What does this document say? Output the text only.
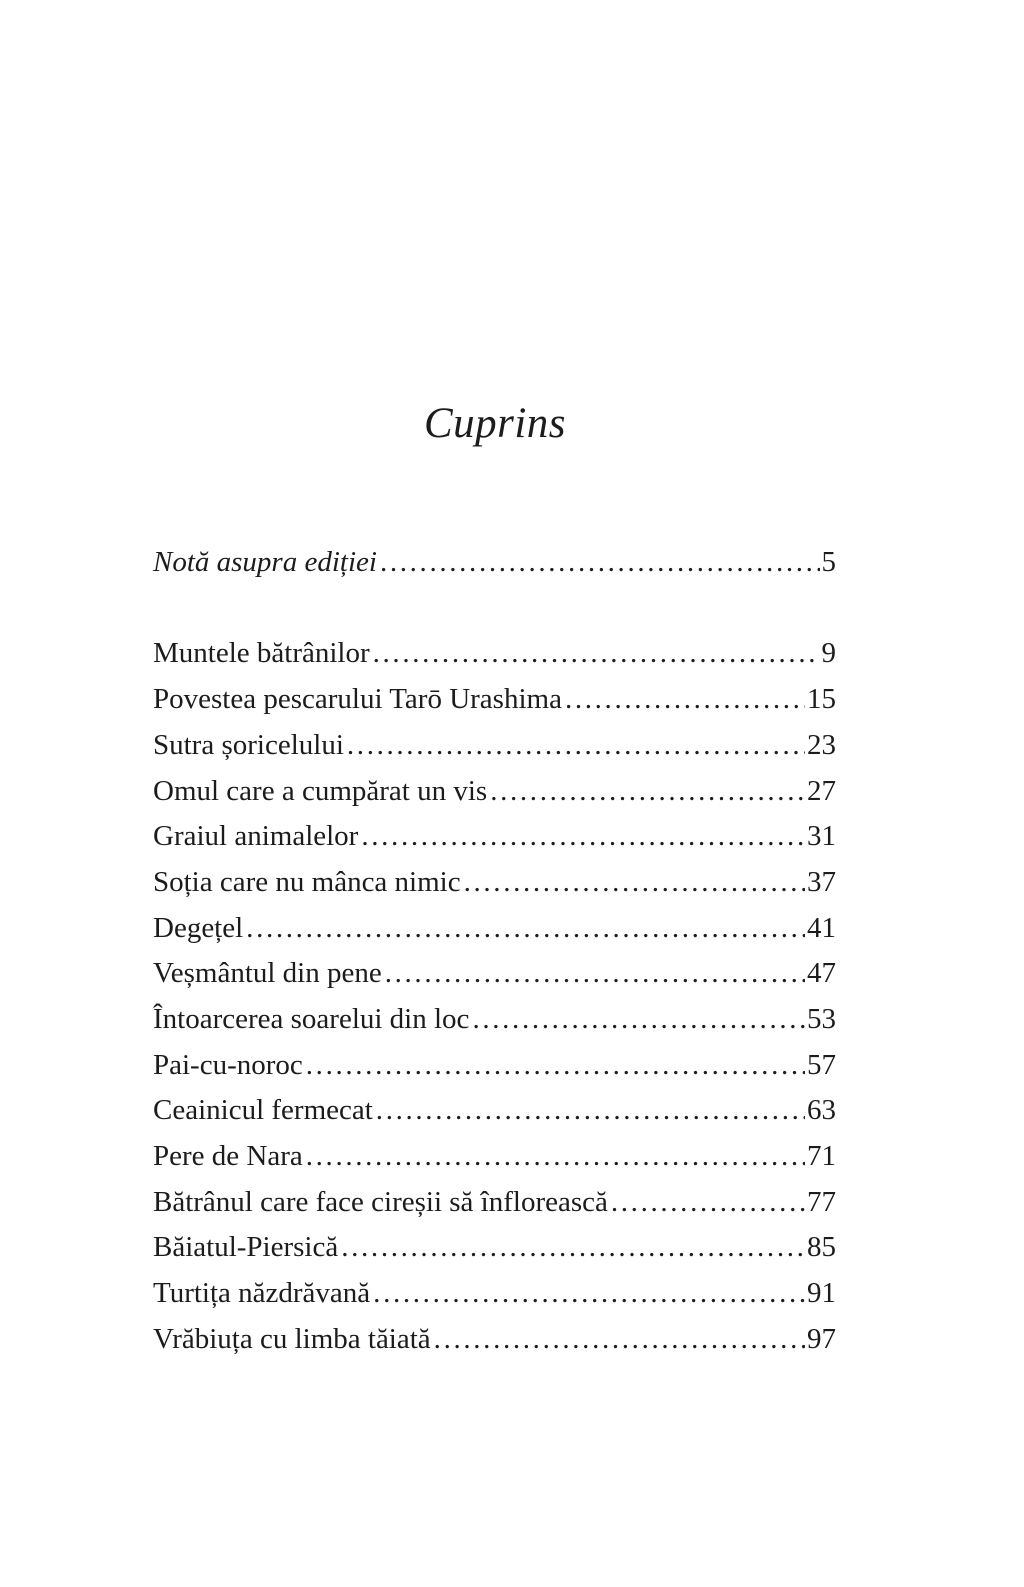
Cuprins
Notă asupra ediției . . .	5
Muntele bătrânilor . . .	9
Povestea pescarului Tarō Urashima . . .	15
Sutra șoricelului . . .	23
Omul care a cumpărat un vis . . .	27
Graiul animalelor . . .	31
Soția care nu mânca nimic . . .	37
Degețel . . .	41
Veșmântul din pene . . .	47
Întoarcerea soarelui din loc . . .	53
Pai-cu-noroc . . .	57
Ceainicul fermecat . . .	63
Pere de Nara . . .	71
Bătrânul care face cireșii să înflorească . . .	77
Băiatul-Piersică . . .	85
Turtița năzdrăvană . . .	91
Vrăbiuța cu limba tăiată . . .	97
